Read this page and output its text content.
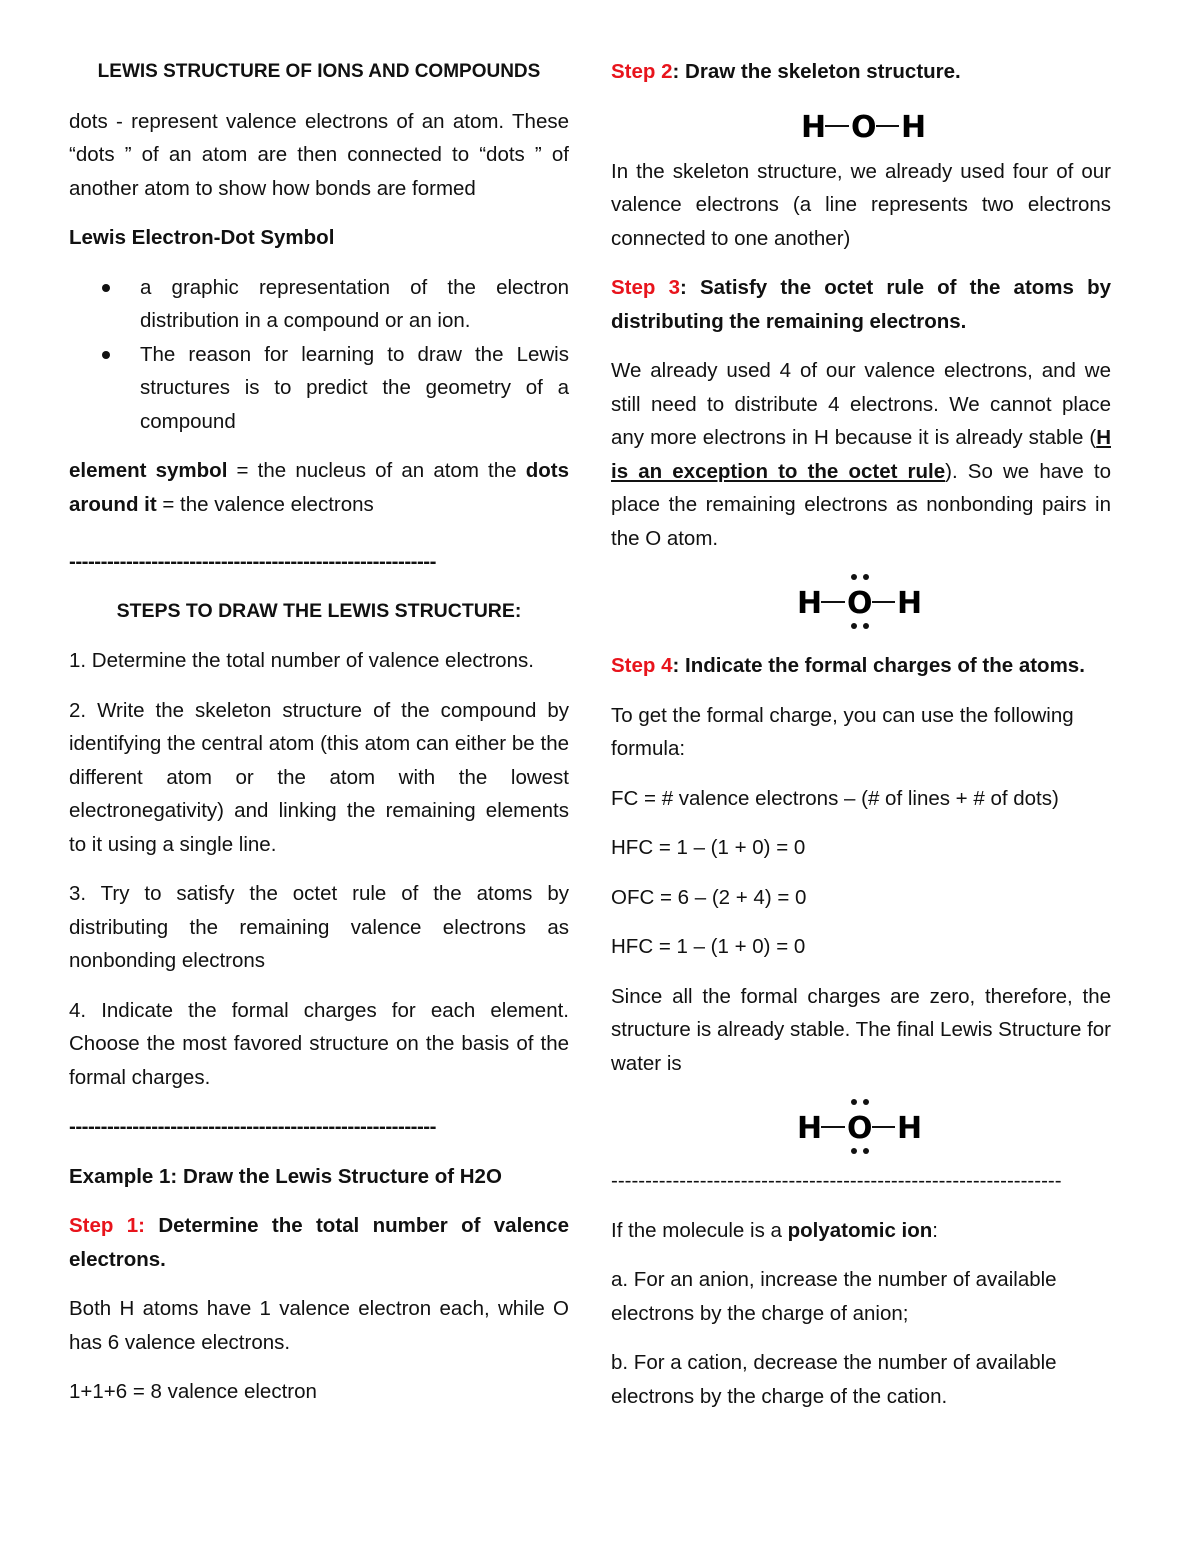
LEWIS STRUCTURE OF IONS AND COMPOUNDS

dots - represent valence electrons of an atom. These “dots ” of an atom are then connected to “dots ” of another atom to show how bonds are formed

Lewis Electron-Dot Symbol

a graphic representation of the electron distribution in a compound or an ion.
The reason for learning to draw the Lewis structures is to predict the geometry of a compound

element symbol = the nucleus of an atom the dots around it = the valence electrons

----------------------------------------------------------

STEPS TO DRAW THE LEWIS STRUCTURE:

1. Determine the total number of valence electrons.

2. Write the skeleton structure of the compound by identifying the central atom (this atom can either be the different atom or the atom with the lowest electronegativity) and linking the remaining elements to it using a single line.

3. Try to satisfy the octet rule of the atoms by distributing the remaining valence electrons as nonbonding electrons

4. Indicate the formal charges for each element. Choose the most favored structure on the basis of the formal charges.

----------------------------------------------------------

Example 1: Draw the Lewis Structure of H2O

Step 1: Determine the total number of valence electrons.

Both H atoms have 1 valence electron each, while O has 6 valence electrons.

1+1+6 = 8 valence electron

Step 2: Draw the skeleton structure.

H O H

In the skeleton structure, we already used four of our valence electrons (a line represents two electrons connected to one another)

Step 3: Satisfy the octet rule of the atoms by distributing the remaining electrons.

We already used 4 of our valence electrons, and we still need to distribute 4 electrons. We cannot place any more electrons in H because it is already stable (H is an exception to the octet rule). So we have to place the remaining electrons as nonbonding pairs in the O atom.

H O H

Step 4: Indicate the formal charges of the atoms.

To get the formal charge, you can use the following formula:

FC = # valence electrons – (# of lines + # of dots)

HFC = 1 – (1 + 0) = 0

OFC = 6 – (2 + 4) = 0

HFC = 1 – (1 + 0) = 0

Since all the formal charges are zero, therefore, the structure is already stable. The final Lewis Structure for water is

H O H

------------------------------------------------------------------

If the molecule is a polyatomic ion:

a. For an anion, increase the number of available electrons by the charge of anion;

b. For a cation, decrease the number of available electrons by the charge of the cation.
